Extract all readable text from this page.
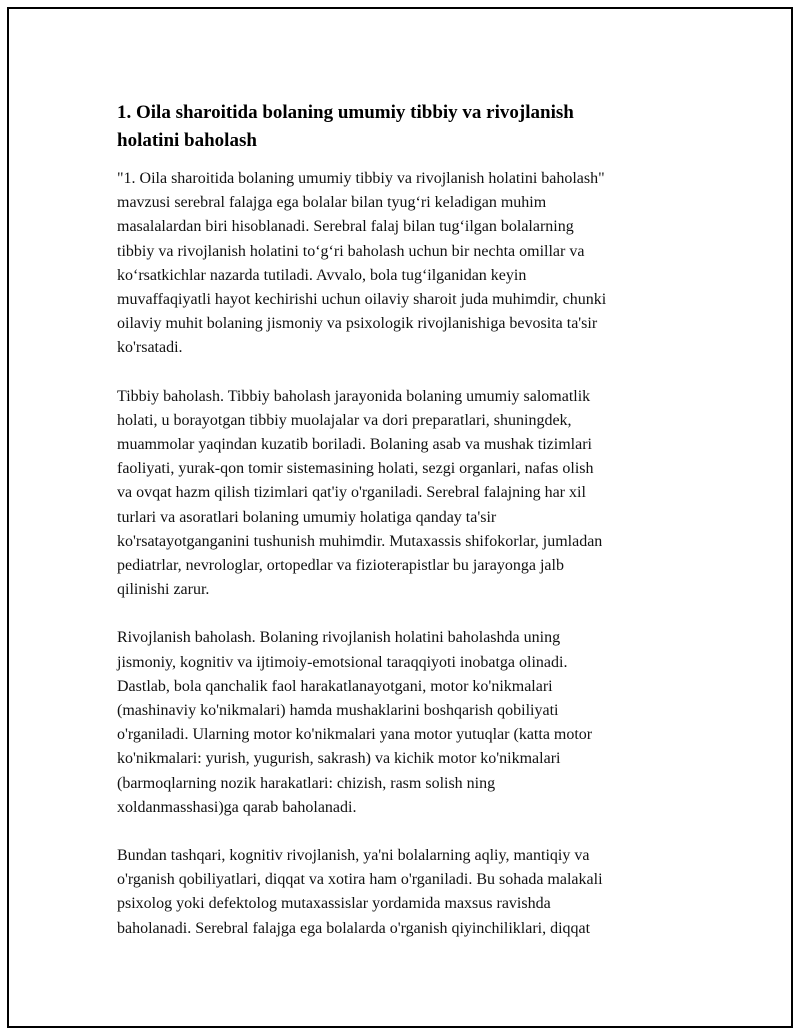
1. Oila sharoitida bolaning umumiy tibbiy va rivojlanish
holatini baholash

"1. Oila sharoitida bolaning umumiy tibbiy va rivojlanish holatini baholash"
mavzusi serebral falajga ega bolalar bilan tyug‘ri keladigan muhim
masalalardan biri hisoblanadi. Serebral falaj bilan tug‘ilgan bolalarning
tibbiy va rivojlanish holatini to‘g‘ri baholash uchun bir nechta omillar va
ko‘rsatkichlar nazarda tutiladi. Avvalo, bola tug‘ilganidan keyin
muvaffaqiyatli hayot kechirishi uchun oilaviy sharoit juda muhimdir, chunki
oilaviy muhit bolaning jismoniy va psixologik rivojlanishiga bevosita ta'sir
ko'rsatadi.

Tibbiy baholash. Tibbiy baholash jarayonida bolaning umumiy salomatlik
holati, u borayotgan tibbiy muolajalar va dori preparatlari, shuningdek,
muammolar yaqindan kuzatib boriladi. Bolaning asab va mushak tizimlari
faoliyati, yurak-qon tomir sistemasining holati, sezgi organlari, nafas olish
va ovqat hazm qilish tizimlari qat'iy o'rganiladi. Serebral falajning har xil
turlari va asoratlari bolaning umumiy holatiga qanday ta'sir
ko'rsatayotganganini tushunish muhimdir. Mutaxassis shifokorlar, jumladan
pediatrlar, nevrologlar, ortopedlar va fizioterapistlar bu jarayonga jalb
qilinishi zarur.

Rivojlanish baholash. Bolaning rivojlanish holatini baholashda uning
jismoniy, kognitiv va ijtimoiy-emotsional taraqqiyoti inobatga olinadi.
Dastlab, bola qanchalik faol harakatlanayotgani, motor ko'nikmalari
(mashinaviy ko'nikmalari) hamda mushaklarini boshqarish qobiliyati
o'rganiladi. Ularning motor ko'nikmalari yana motor yutuqlar (katta motor
ko'nikmalari: yurish, yugurish, sakrash) va kichik motor ko'nikmalari
(barmoqlarning nozik harakatlari: chizish, rasm solish ning
xoldanmasshasi)ga qarab baholanadi.

Bundan tashqari, kognitiv rivojlanish, ya'ni bolalarning aqliy, mantiqiy va
o'rganish qobiliyatlari, diqqat va xotira ham o'rganiladi. Bu sohada malakali
psixolog yoki defektolog mutaxassislar yordamida maxsus ravishda
baholanadi. Serebral falajga ega bolalarda o'rganish qiyinchiliklari, diqqat
